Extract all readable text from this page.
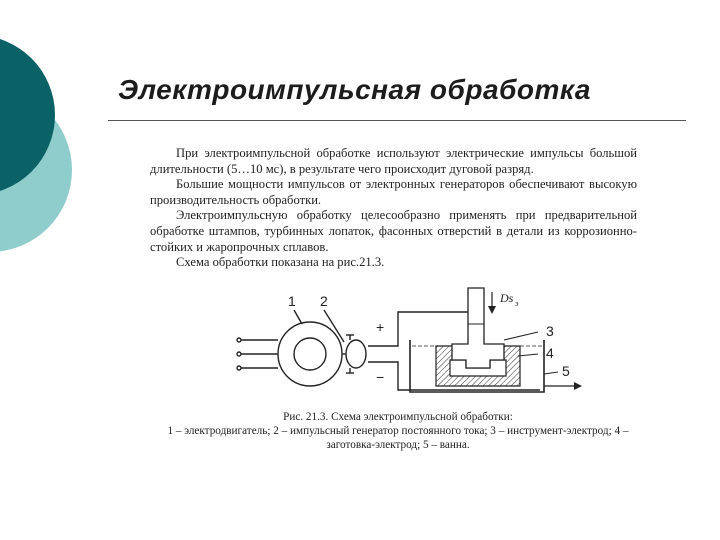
Электроимпульсная обработка

При электроимпульсной обработке используют электрические импульсы большой длительности (5…10 мс), в результате чего происходит дуговой разряд.

Большие мощности импульсов от электронных генераторов обеспечивают высокую производительность обработки.

Электроимпульсную обработку целесообразно применять при предварительной обработке штампов, турбинных лопаток, фасонных отверстий в детали из коррозионно-стойких и жаропрочных сплавов.

Схема обработки показана на рис.21.3.

1 2
3
4
5
+
−
Ds э

Рис. 21.3. Схема электроимпульсной обработки:

1 – электродвигатель; 2 – импульсный генератор постоянного тока; 3 – инструмент-электрод; 4 – заготовка-электрод; 5 – ванна.
